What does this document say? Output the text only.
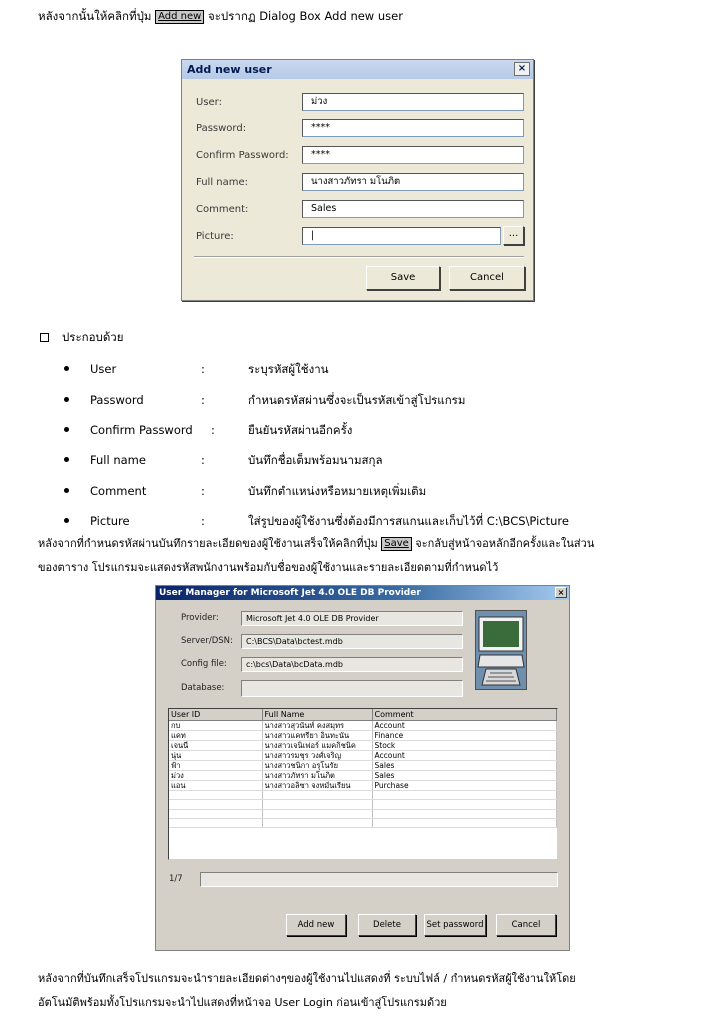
หลังจากนั้นให้คลิกที่ปุ่ม Add new จะปรากฏ Dialog Box Add new user
Add new user	×
User:	ม่วง
Password:	****
Confirm Password:	****
Full name:	นางสาวภัทรา มโนภิต
Comment:	Sales
Picture:	|	...
Save	Cancel
ประกอบด้วย
User	:	ระบุรหัสผู้ใช้งาน
Password	:	กำหนดรหัสผ่านซึ่งจะเป็นรหัสเข้าสู่โปรแกรม
Confirm Password :	ยืนยันรหัสผ่านอีกครั้ง
Full name	:	บันทึกชื่อเต็มพร้อมนามสกุล
Comment	:	บันทึกตำแหน่งหรือหมายเหตุเพิ่มเติม
Picture	:	ใส่รูปของผู้ใช้งานซึ่งต้องมีการสแกนและเก็บไว้ที่ C:\BCS\Picture
หลังจากที่กำหนดรหัสผ่านบันทึกรายละเอียดของผู้ใช้งานเสร็จให้คลิกที่ปุ่ม Save จะกลับสู่หน้าจอหลักอีกครั้งและในส่วน
ของตาราง โปรแกรมจะแสดงรหัสพนักงานพร้อมกับชื่อของผู้ใช้งานและรายละเอียดตามที่กำหนดไว้
User Manager for Microsoft Jet 4.0 OLE DB Provider	×
Provider:	Microsoft Jet 4.0 OLE DB Provider
Server/DSN:	C:\BCS\Data\bctest.mdb
Config file:	c:\bcs\Data\bcData.mdb
Database:
User ID	Full Name	Comment
กบ	นางสาวสุวนันท์ คงสมุทร	Account
แคท	นางสาวแคทรียา อินทะนัน	Finance
เจนนี่	นางสาวเจนิเฟอร์ แมคกิชนิค	Stock
นุ่น	นางสาวรมชุร วงศ์เจริญ	Account
ฟ้า	นางสาวชนิกา อรุโนรัย	Sales
ม่วง	นางสาวภัทรา มโนภิต	Sales
แอน	นางสาวอลิซา จงหมั่นเรียน	Purchase

1/7
Add new	Delete	Set password	Cancel
หลังจากที่บันทึกเสร็จโปรแกรมจะนำรายละเอียดต่างๆของผู้ใช้งานไปแสดงที่ ระบบไฟล์ / กำหนดรหัสผู้ใช้งานให้โดย
อัตโนมัติพร้อมทั้งโปรแกรมจะนำไปแสดงที่หน้าจอ User Login ก่อนเข้าสู่โปรแกรมด้วย
